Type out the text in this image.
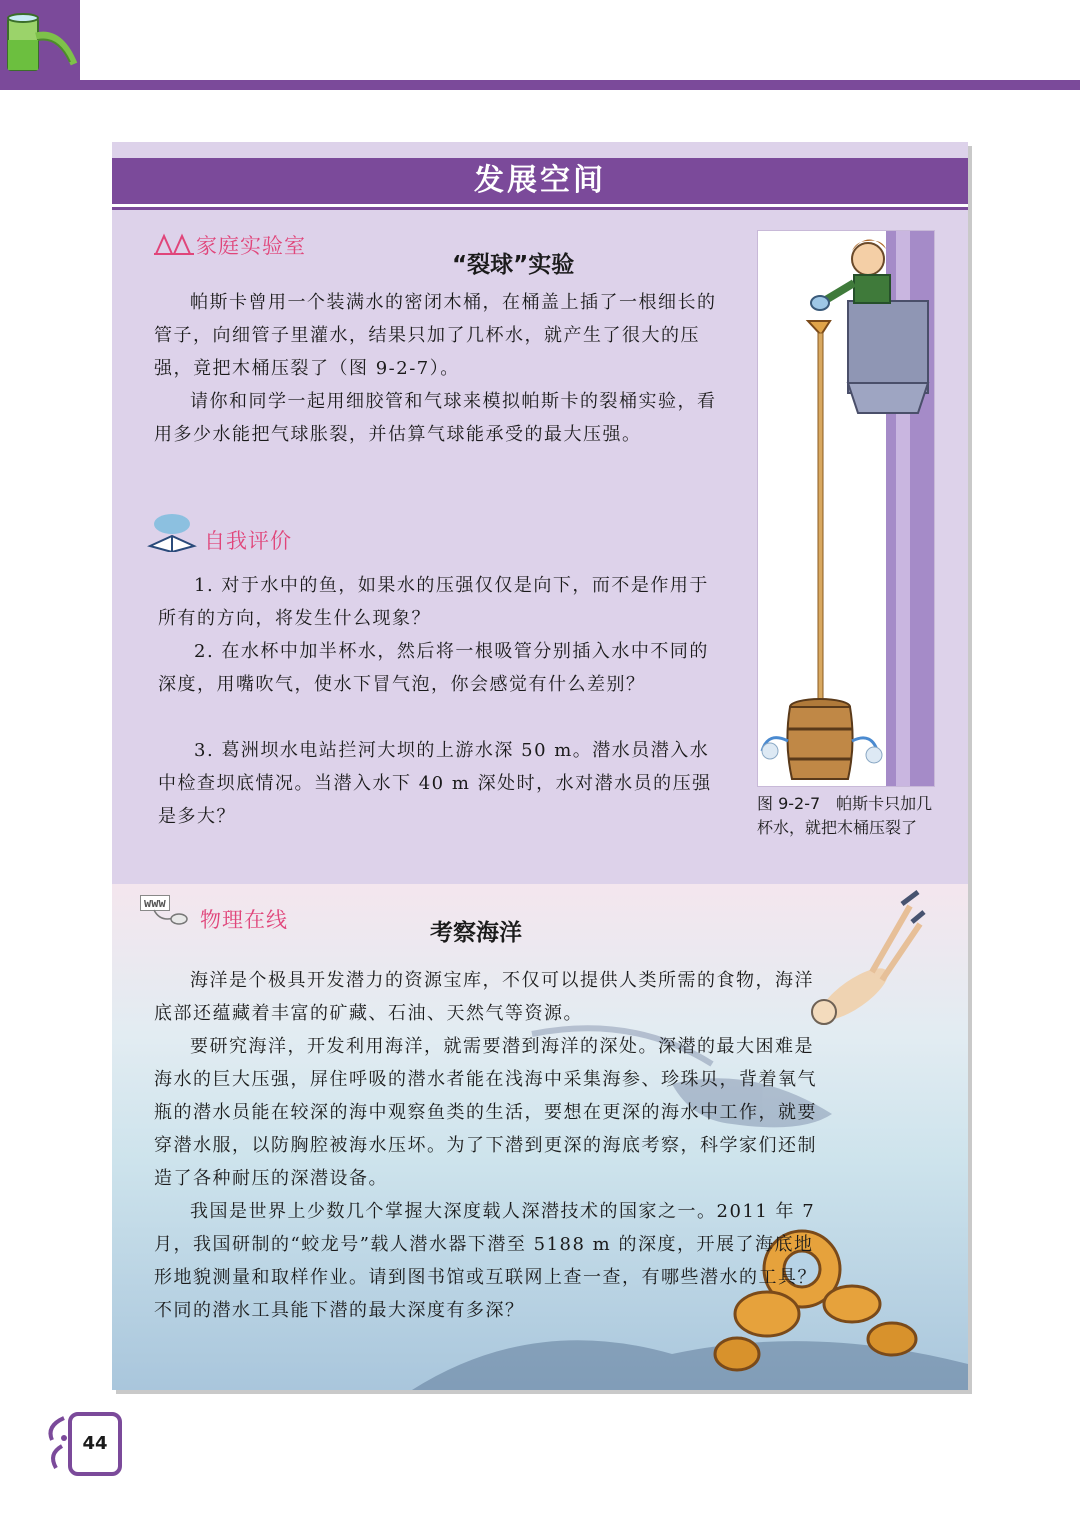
发展空间
家庭实验室
“裂球”实验

帕斯卡曾用一个装满水的密闭木桶，在桶盖上插了一根细长的管子，向细管子里灌水，结果只加了几杯水，就产生了很大的压强，竟把木桶压裂了（图 9-2-7）。

请你和同学一起用细胶管和气球来模拟帕斯卡的裂桶实验，看用多少水能把气球胀裂，并估算气球能承受的最大压强。

图 9-2-7　帕斯卡只加几杯水，就把木桶压裂了
自我评价

1. 对于水中的鱼，如果水的压强仅仅是向下，而不是作用于所有的方向，将发生什么现象？

2. 在水杯中加半杯水，然后将一根吸管分别插入水中不同的深度，用嘴吹气，使水下冒气泡，你会感觉有什么差别？

3. 葛洲坝水电站拦河大坝的上游水深 50 m。潜水员潜入水中检查坝底情况。当潜入水下 40 m 深处时，水对潜水员的压强是多大？

www
物理在线	考察海洋

海洋是个极具开发潜力的资源宝库，不仅可以提供人类所需的食物，海洋底部还蕴藏着丰富的矿藏、石油、天然气等资源。

要研究海洋，开发利用海洋，就需要潜到海洋的深处。深潜的最大困难是海水的巨大压强，屏住呼吸的潜水者能在浅海中采集海参、珍珠贝，背着氧气瓶的潜水员能在较深的海中观察鱼类的生活，要想在更深的海水中工作，就要穿潜水服，以防胸腔被海水压坏。为了下潜到更深的海底考察，科学家们还制造了各种耐压的深潜设备。

我国是世界上少数几个掌握大深度载人深潜技术的国家之一。2011 年 7 月，我国研制的“蛟龙号”载人潜水器下潜至 5188 m 的深度，开展了海底地形地貌测量和取样作业。请到图书馆或互联网上查一查，有哪些潜水的工具？不同的潜水工具能下潜的最大深度有多深？

44
